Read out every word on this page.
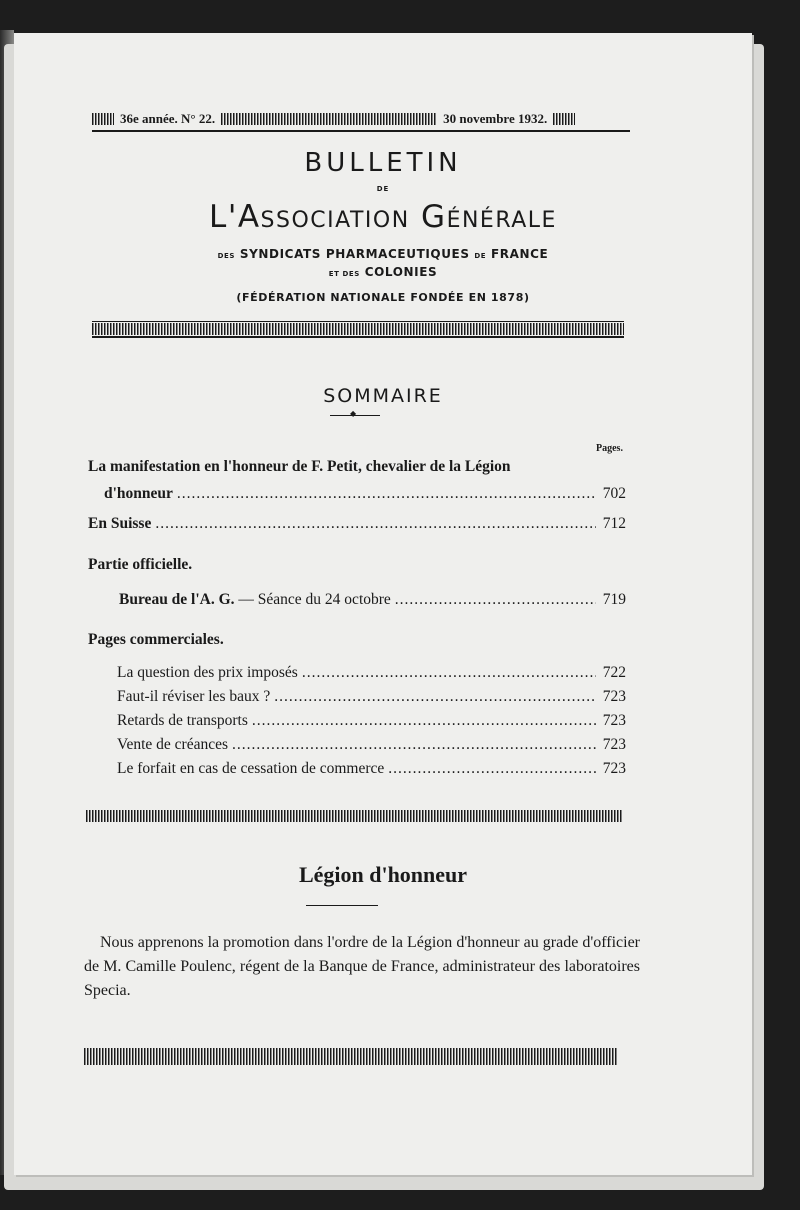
36e année. N° 22.	30 novembre 1932.
BULLETIN
DE
L'ASSOCIATION GÉNÉRALE
DES SYNDICATS PHARMACEUTIQUES DE FRANCE
ET DES COLONIES
(FÉDÉRATION NATIONALE FONDÉE EN 1878)
SOMMAIRE
◆
Pages.
La manifestation en l'honneur de F. Petit, chevalier de la Légion
d'honneur .....	702
En Suisse .....	712
Partie officielle.
Bureau de l'A. G. — Séance du 24 octobre .....	719
Pages commerciales.
La question des prix imposés .....	722
Faut-il réviser les baux ? .....	723
Retards de transports .....	723
Vente de créances .....	723
Le forfait en cas de cessation de commerce .....	723
Légion d'honneur
Nous apprenons la promotion dans l'ordre de la Légion d'honneur au grade d'officier de M. Camille Poulenc, régent de la Banque de France, administrateur des laboratoires Specia.
